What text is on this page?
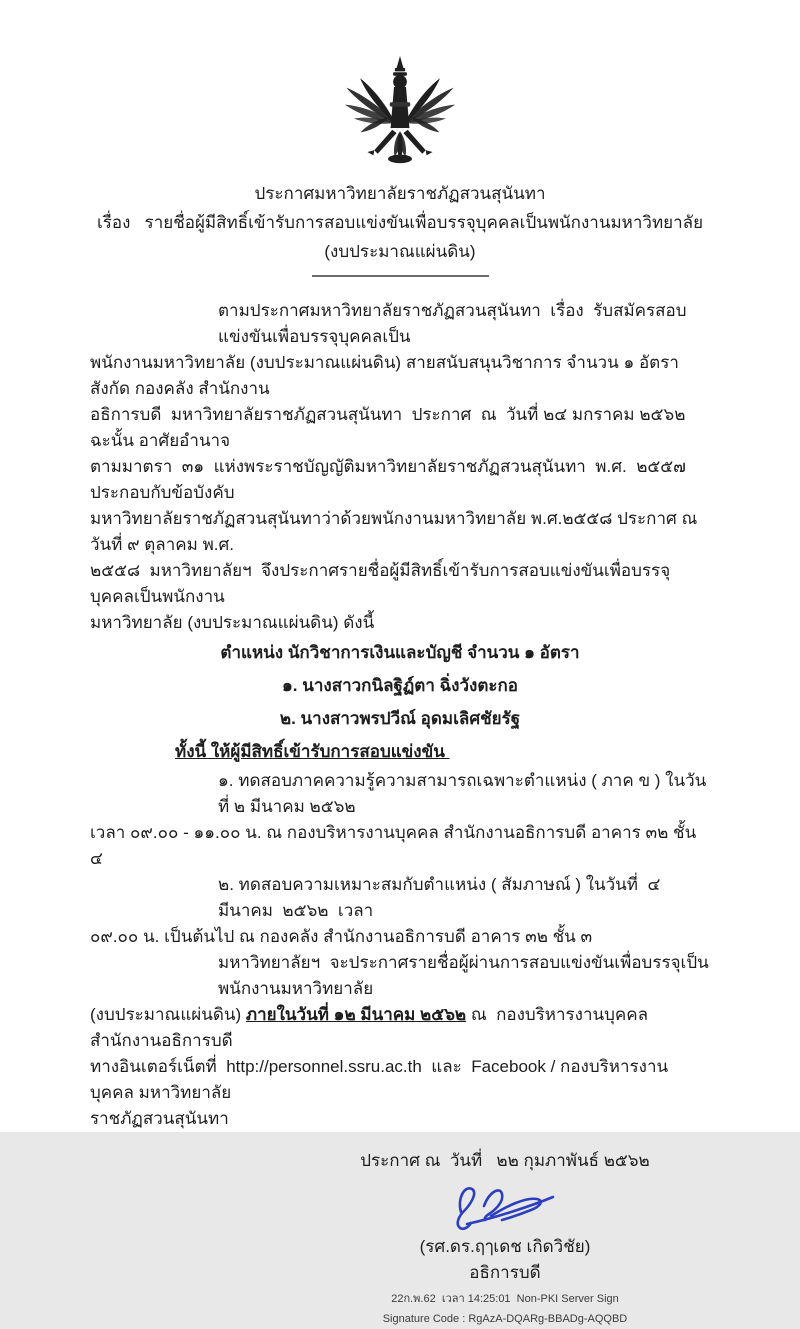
ประกาศมหาวิทยาลัยราชภัฏสวนสุนันทา
เรื่อง   รายชื่อผู้มีสิทธิ์เข้ารับการสอบแข่งขันเพื่อบรรจุบุคคลเป็นพนักงานมหาวิทยาลัย
(งบประมาณแผ่นดิน)
ตามประกาศมหาวิทยาลัยราชภัฏสวนสุนันทา  เรื่อง  รับสมัครสอบแข่งขันเพื่อบรรจุบุคคลเป็น
พนักงานมหาวิทยาลัย (งบประมาณแผ่นดิน) สายสนับสนุนวิชาการ จำนวน ๑ อัตรา สังกัด กองคลัง สำนักงาน
อธิการบดี  มหาวิทยาลัยราชภัฏสวนสุนันทา  ประกาศ  ณ  วันที่ ๒๔ มกราคม ๒๕๖๒ ฉะนั้น อาศัยอำนาจ
ตามมาตรา  ๓๑  แห่งพระราชบัญญัติมหาวิทยาลัยราชภัฏสวนสุนันทา  พ.ศ.  ๒๕๕๗  ประกอบกับข้อบังคับ
มหาวิทยาลัยราชภัฏสวนสุนันทาว่าด้วยพนักงานมหาวิทยาลัย พ.ศ.๒๕๕๘ ประกาศ ณ วันที่ ๙ ตุลาคม พ.ศ.
๒๕๕๘  มหาวิทยาลัยฯ  จึงประกาศรายชื่อผู้มีสิทธิ์เข้ารับการสอบแข่งขันเพื่อบรรจุบุคคลเป็นพนักงาน
มหาวิทยาลัย (งบประมาณแผ่นดิน) ดังนี้
ตำแหน่ง นักวิชาการเงินและบัญชี จำนวน ๑ อัตรา
๑. นางสาวกนิลฐิฏ์ตา ฉิ่งวังตะกอ
๒. นางสาวพรปวีณ์ อุดมเลิศชัยรัฐ
ทั้งนี้ ให้ผู้มีสิทธิ์เข้ารับการสอบแข่งขัน
๑. ทดสอบภาคความรู้ความสามารถเฉพาะตำแหน่ง ( ภาค ข ) ในวันที่ ๒ มีนาคม ๒๕๖๒
เวลา ๐๙.๐๐ - ๑๑.๐๐ น. ณ กองบริหารงานบุคคล สำนักงานอธิการบดี อาคาร ๓๒ ชั้น ๔
๒. ทดสอบความเหมาะสมกับตำแหน่ง ( สัมภาษณ์ ) ในวันที่  ๔  มีนาคม  ๒๕๖๒  เวลา
๐๙.๐๐ น. เป็นต้นไป ณ กองคลัง สำนักงานอธิการบดี อาคาร ๓๒ ชั้น ๓
มหาวิทยาลัยฯ  จะประกาศรายชื่อผู้ผ่านการสอบแข่งขันเพื่อบรรจุเป็นพนักงานมหาวิทยาลัย
(งบประมาณแผ่นดิน) ภายในวันที่ ๑๒ มีนาคม ๒๕๖๒ ณ  กองบริหารงานบุคคล  สำนักงานอธิการบดี
ทางอินเตอร์เน็ตที่  http://personnel.ssru.ac.th  และ  Facebook / กองบริหารงานบุคคล มหาวิทยาลัย
ราชภัฏสวนสุนันทา
ประกาศ ณ  วันที่   ๒๒ กุมภาพันธ์ ๒๕๖๒
(รศ.ดร.ฤๅเดช เกิดวิชัย)
อธิการบดี
22ก.พ.62  เวลา 14:25:01  Non-PKI Server Sign
Signature Code : RgAzA-DQARg-BBADg-AQQBD
